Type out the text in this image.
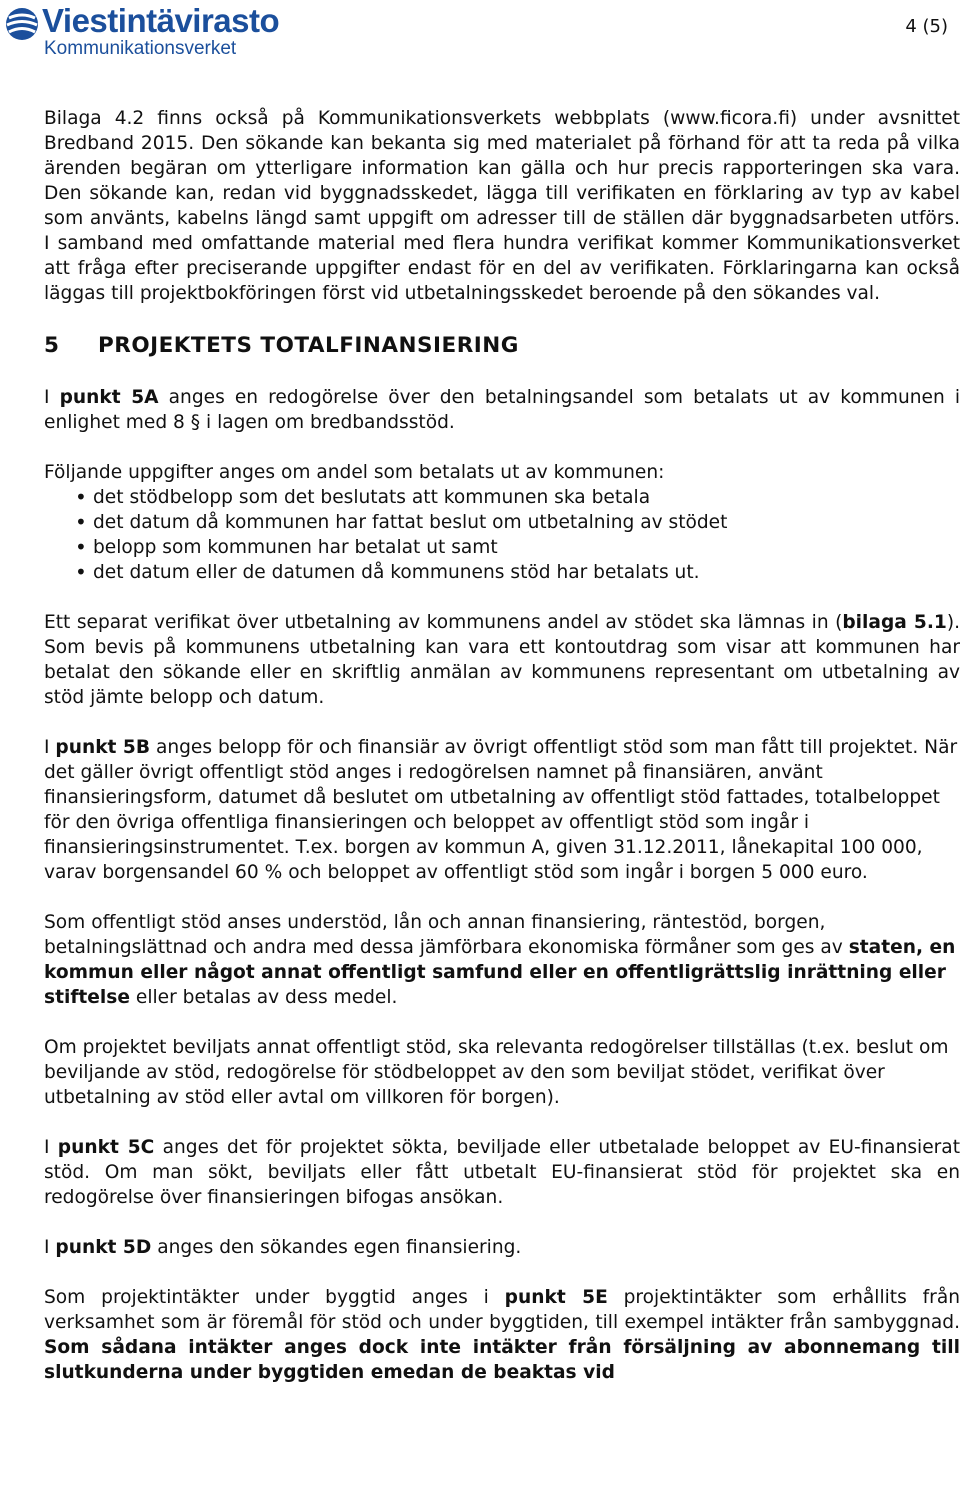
Viestintävirasto
Kommunikationsverket
4 (5)

Bilaga 4.2 finns också på Kommunikationsverkets webbplats (www.ficora.fi) under avsnittet Bredband 2015. Den sökande kan bekanta sig med materialet på förhand för att ta reda på vilka ärenden begäran om ytterligare information kan gälla och hur precis rapporteringen ska vara. Den sökande kan, redan vid byggnadsskedet, lägga till verifikaten en förklaring av typ av kabel som använts, kabelns längd samt uppgift om adresser till de ställen där byggnadsarbeten utförs. I samband med omfattande material med flera hundra verifikat kommer Kommunikationsverket att fråga efter preciserande uppgifter endast för en del av verifikaten. Förklaringarna kan också läggas till projektbokföringen först vid utbetalningsskedet beroende på den sökandes val.

5 PROJEKTETS TOTALFINANSIERING

I punkt 5A anges en redogörelse över den betalningsandel som betalats ut av kommunen i enlighet med 8 § i lagen om bredbandsstöd.

Följande uppgifter anges om andel som betalats ut av kommunen:

• det stödbelopp som det beslutats att kommunen ska betala
• det datum då kommunen har fattat beslut om utbetalning av stödet
• belopp som kommunen har betalat ut samt
• det datum eller de datumen då kommunens stöd har betalats ut.

Ett separat verifikat över utbetalning av kommunens andel av stödet ska lämnas in (bilaga 5.1). Som bevis på kommunens utbetalning kan vara ett kontoutdrag som visar att kommunen har betalat den sökande eller en skriftlig anmälan av kommunens representant om utbetalning av stöd jämte belopp och datum.

I punkt 5B anges belopp för och finansiär av övrigt offentligt stöd som man fått till projektet. När det gäller övrigt offentligt stöd anges i redogörelsen namnet på finansiären, använt finansieringsform, datumet då beslutet om utbetalning av offentligt stöd fattades, totalbeloppet för den övriga offentliga finansieringen och beloppet av offentligt stöd som ingår i finansieringsinstrumentet. T.ex. borgen av kommun A, given 31.12.2011, lånekapital 100 000, varav borgensandel 60 % och beloppet av offentligt stöd som ingår i borgen 5 000 euro.

Som offentligt stöd anses understöd, lån och annan finansiering, räntestöd, borgen, betalningslättnad och andra med dessa jämförbara ekonomiska förmåner som ges av staten, en kommun eller något annat offentligt samfund eller en offentligrättslig inrättning eller stiftelse eller betalas av dess medel.

Om projektet beviljats annat offentligt stöd, ska relevanta redogörelser tillställas (t.ex. beslut om beviljande av stöd, redogörelse för stödbeloppet av den som beviljat stödet, verifikat över utbetalning av stöd eller avtal om villkoren för borgen).

I punkt 5C anges det för projektet sökta, beviljade eller utbetalade beloppet av EU-finansierat stöd. Om man sökt, beviljats eller fått utbetalt EU-finansierat stöd för projektet ska en redogörelse över finansieringen bifogas ansökan.

I punkt 5D anges den sökandes egen finansiering.

Som projektintäkter under byggtid anges i punkt 5E projektintäkter som erhållits från verksamhet som är föremål för stöd och under byggtiden, till exempel intäkter från sambyggnad. Som sådana intäkter anges dock inte intäkter från försäljning av abonnemang till slutkunderna under byggtiden emedan de beaktas vid
